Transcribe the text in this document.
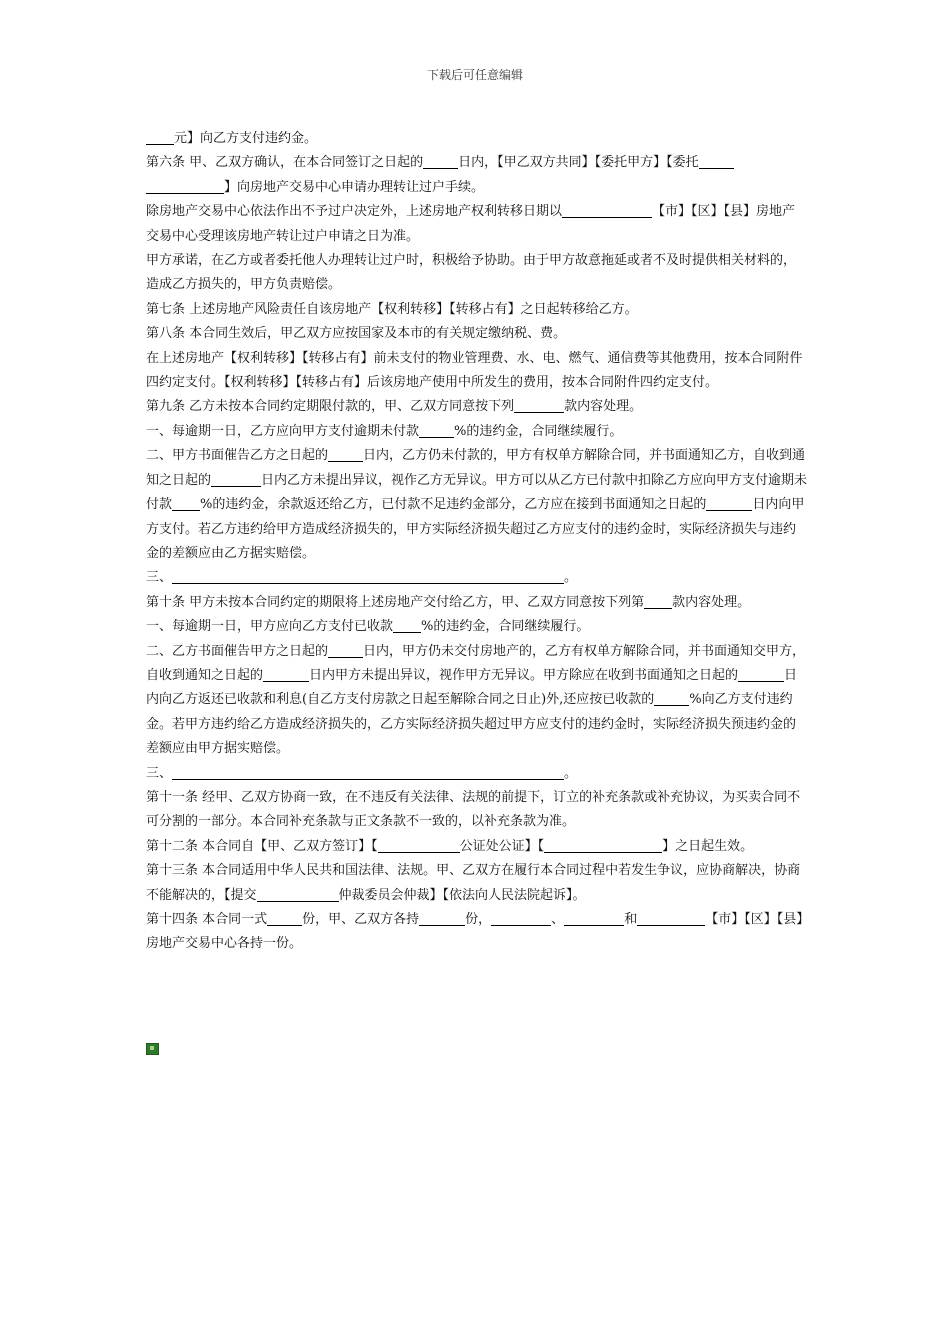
下载后可任意编辑

元】向乙方支付违约金。

第六条 甲、乙双方确认，在本合同签订之日起的	日内，【甲乙双方共同】【委托甲方】【委托
】向房地产交易中心申请办理转让过户手续。

除房地产交易中心依法作出不予过户决定外，上述房地产权利转移日期以	【市】【区】【县】房地产交易中心受理该房地产转让过户申请之日为准。

甲方承诺，在乙方或者委托他人办理转让过户时，积极给予协助。由于甲方故意拖延或者不及时提供相关材料的，造成乙方损失的，甲方负责赔偿。

第七条 上述房地产风险责任自该房地产【权利转移】【转移占有】之日起转移给乙方。

第八条 本合同生效后，甲乙双方应按国家及本市的有关规定缴纳税、费。

在上述房地产【权利转移】【转移占有】前未支付的物业管理费、水、电、燃气、通信费等其他费用，按本合同附件四约定支付。【权利转移】【转移占有】后该房地产使用中所发生的费用，按本合同附件四约定支付。

第九条 乙方未按本合同约定期限付款的，甲、乙双方同意按下列	款内容处理。

一、每逾期一日，乙方应向甲方支付逾期未付款	%的违约金，合同继续履行。

二、甲方书面催告乙方之日起的	日内，乙方仍未付款的，甲方有权单方解除合同，并书面通知乙方，自收到通知之日起的	日内乙方未提出异议，视作乙方无异议。甲方可以从乙方已付款中扣除乙方应向甲方支付逾期未付款 %的违约金，余款返还给乙方，已付款不足违约金部分，乙方应在接到书面通知之日起的	日内向甲方支付。若乙方违约给甲方造成经济损失的，甲方实际经济损失超过乙方应支付的违约金时，实际经济损失与违约金的差额应由乙方据实赔偿。

三、	。

第十条 甲方未按本合同约定的期限将上述房地产交付给乙方，甲、乙双方同意按下列第 款内容处理。

一、每逾期一日，甲方应向乙方支付已收款 %的违约金，合同继续履行。

二、乙方书面催告甲方之日起的	日内，甲方仍未交付房地产的，乙方有权单方解除合同，并书面通知交甲方，自收到通知之日起的	日内甲方未提出异议，视作甲方无异议。甲方除应在收到书面通知之日起的	日内向乙方返还已收款和利息(自乙方支付房款之日起至解除合同之日止)外,还应按已收款的	%向乙方支付违约金。若甲方违约给乙方造成经济损失的，乙方实际经济损失超过甲方应支付的违约金时，实际经济损失预违约金的差额应由甲方据实赔偿。

三、	。

第十一条 经甲、乙双方协商一致，在不违反有关法律、法规的前提下，订立的补充条款或补充协议，为买卖合同不可分割的一部分。本合同补充条款与正文条款不一致的，以补充条款为准。

第十二条 本合同自【甲、乙双方签订】【	公证处公证】【	】之日起生效。

第十三条 本合同适用中华人民共和国法律、法规。甲、乙双方在履行本合同过程中若发生争议，应协商解决，协商不能解决的，【提交	仲裁委员会仲裁】【依法向人民法院起诉】。

第十四条 本合同一式	份，甲、乙双方各持	份，	、	和	【市】【区】【县】房地产交易中心各持一份。
